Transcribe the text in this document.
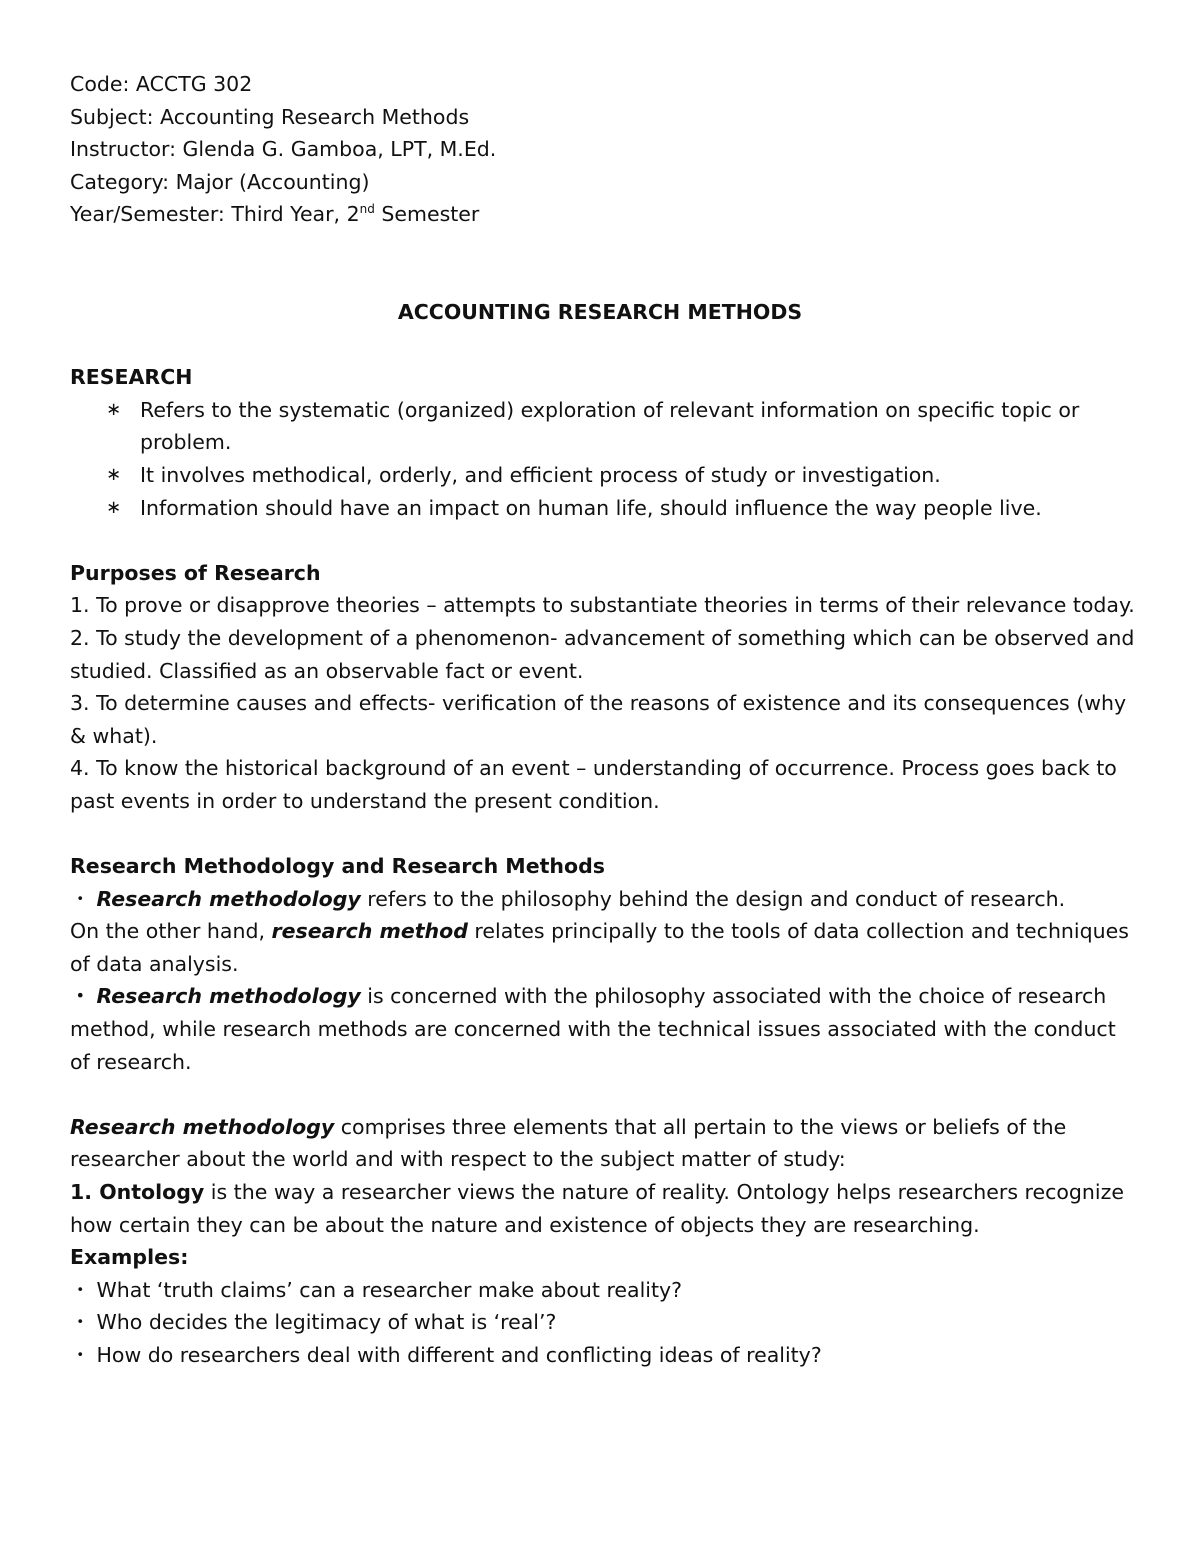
Code: ACCTG 302

Subject: Accounting Research Methods

Instructor: Glenda G. Gamboa, LPT, M.Ed.

Category: Major (Accounting)

Year/Semester: Third Year, 2nd Semester

ACCOUNTING RESEARCH METHODS

RESEARCH

∗ Refers to the systematic (organized) exploration of relevant information on specific topic or problem.
∗ It involves methodical, orderly, and efficient process of study or investigation.
∗ Information should have an impact on human life, should influence the way people live.

Purposes of Research

1. To prove or disapprove theories – attempts to substantiate theories in terms of their relevance today.

2. To study the development of a phenomenon- advancement of something which can be observed and studied. Classified as an observable fact or event.

3. To determine causes and effects- verification of the reasons of existence and its consequences (why & what).

4. To know the historical background of an event – understanding of occurrence. Process goes back to past events in order to understand the present condition.

Research Methodology and Research Methods

・ Research methodology refers to the philosophy behind the design and conduct of research.

On the other hand, research method relates principally to the tools of data collection and techniques of data analysis.

・ Research methodology is concerned with the philosophy associated with the choice of research method, while research methods are concerned with the technical issues associated with the conduct of research.

Research methodology comprises three elements that all pertain to the views or beliefs of the researcher about the world and with respect to the subject matter of study:

1. Ontology is the way a researcher views the nature of reality. Ontology helps researchers recognize how certain they can be about the nature and existence of objects they are researching.

Examples:

・ What ‘truth claims’ can a researcher make about reality?

・ Who decides the legitimacy of what is ‘real’?

・ How do researchers deal with different and conflicting ideas of reality?
